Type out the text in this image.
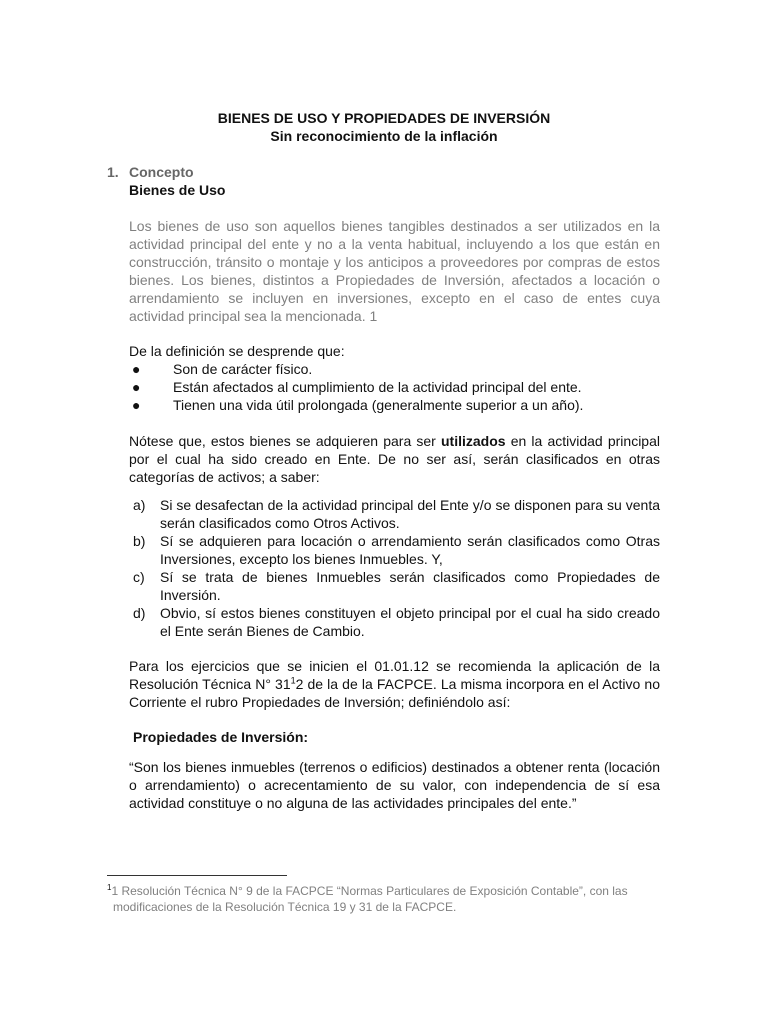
BIENES DE USO Y PROPIEDADES DE INVERSIÓN
Sin reconocimiento de la inflación
1. Concepto
Bienes de Uso
Los bienes de uso son aquellos bienes tangibles destinados a ser utilizados en la actividad principal del ente y no a la venta habitual, incluyendo a los que están en construcción, tránsito o montaje y los anticipos a proveedores por compras de estos bienes. Los bienes, distintos a Propiedades de Inversión, afectados a locación o arrendamiento se incluyen en inversiones, excepto en el caso de entes cuya actividad principal sea la mencionada. 1
De la definición se desprende que:
● Son de carácter físico.
● Están afectados al cumplimiento de la actividad principal del ente.
● Tienen una vida útil prolongada (generalmente superior a un año).
Nótese que, estos bienes se adquieren para ser utilizados en la actividad principal por el cual ha sido creado en Ente. De no ser así, serán clasificados en otras categorías de activos; a saber:
a) Si se desafectan de la actividad principal del Ente y/o se disponen para su venta serán clasificados como Otros Activos.
b) Sí se adquieren para locación o arrendamiento serán clasificados como Otras Inversiones, excepto los bienes Inmuebles. Y,
c) Sí se trata de bienes Inmuebles serán clasificados como Propiedades de Inversión.
d) Obvio, sí estos bienes constituyen el objeto principal por el cual ha sido creado el Ente serán Bienes de Cambio.
Para los ejercicios que se inicien el 01.01.12 se recomienda la aplicación de la Resolución Técnica N° $31^12$ de la de la FACPCE. La misma incorpora en el Activo no Corriente el rubro Propiedades de Inversión; definiéndolo así:
Propiedades de Inversión:
“Son los bienes inmuebles (terrenos o edificios) destinados a obtener renta (locación o arrendamiento) o acrecentamiento de su valor, con independencia de sí esa actividad constituye o no alguna de las actividades principales del ente.”
$^1$1 Resolución Técnica N° 9 de la FACPCE “Normas Particulares de Exposición Contable”, con las
modificaciones de la Resolución Técnica 19 y 31 de la FACPCE.
